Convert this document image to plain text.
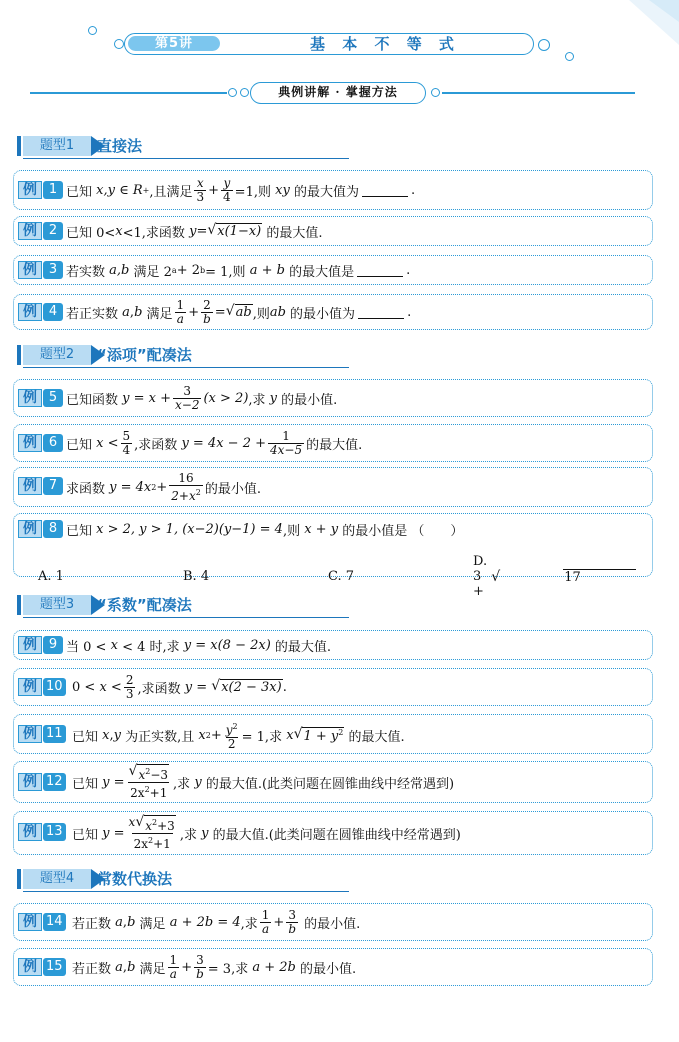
第5讲	基 本 不 等 式
典例讲解 · 掌握方法
题型1	直接法
例 1 已知
x,y ∈ R + ,且满足 $\frac{x}{3} + \frac{y}{4} =1$,则
xy
的最大值为	.
例 2 已知 0< x <1,求函数
y = √ x(1−x)
的最大值.
例 3 若实数
a,b
满足 2 a + 2 b = 1,则
a + b
的最大值是	.
例 4 若正实数
a , b
满足 $\frac{1}{a} + \frac{2}{b}$ = √ ab ,则 ab
的最小值为	.
题型2	“添项”配凑法
例 5 已知函数
$y = x + \frac{3}{x-2} (x > 2)$ ,求
y
的最小值.
例 6 已知
$x < \frac{5}{4}$ ,求函数
$y = 4x - 2 + \frac{1}{4x-5}$ 的最大值.
例 7 求函数
y = 4x $2 + \frac{16}{2+x^2}$ 的最小值.
例 8 已知
x > 2, y > 1, (x−2)(y−1) = 4 ,则
x + y
的最小值是 （　　）
A. 1	B. 4	C. 7
D. 3 +

√	17
题型3	“系数”配凑法
例 9 当 0 <
x
< 4 时,求
y = x(8 − 2x)
的最大值.
例 10 0 <
x
< $\frac{2}{3}$ ,求函数
y =
√ x(2 − 3x) .
例 11 已知
x , y
为正实数,且
x $2 + \frac{y^2}{2} = 1$,求
x √ $1 + y^2$
的最大值.
例 12 已知
$y = \frac{√ x^2-3}{2x^2+1}$ ,求
y
的最大值.(此类问题在圆锥曲线中经常遇到)
例 13 已知
$y = \frac{x √ x^2+3}{2x^2+1}$ ,求
y
的最大值.(此类问题在圆锥曲线中经常遇到)
题型4	常数代换法
例 14 若正数
a , b
满足
a + 2b = 4 ,求 $\frac{1}{a} + \frac{3}{b}$
的最小值.
例 15 若正数
a , b
满足 $\frac{1}{a} + \frac{3}{b} = 3$,求
a + 2b
的最小值.
